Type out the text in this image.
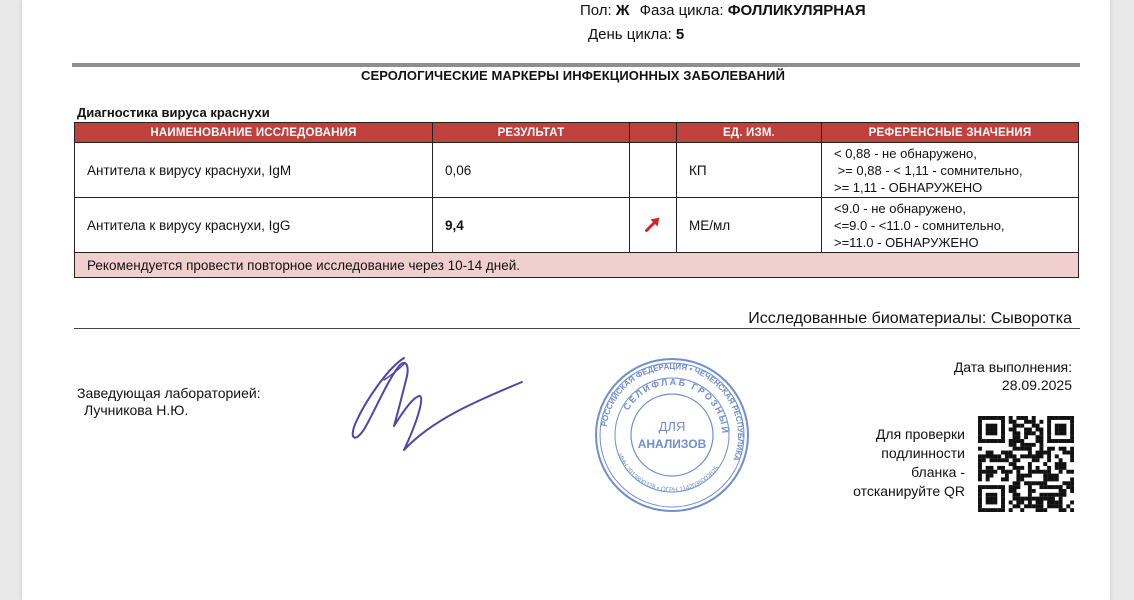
Пол: Ж Фаза цикла: ФОЛЛИКУЛЯРНАЯ
День цикла: 5
СЕРОЛОГИЧЕСКИЕ МАРКЕРЫ ИНФЕКЦИОННЫХ ЗАБОЛЕВАНИЙ
Диагностика вируса краснухи
НАИМЕНОВАНИЕ ИССЛЕДОВАНИЯ	РЕЗУЛЬТАТ		ЕД. ИЗМ.	РЕФЕРЕНСНЫЕ ЗНАЧЕНИЯ
Антитела к вирусу краснухи, IgM	0,06		КП	< 0,88 - не обнаружено,
>= 0,88 - < 1,11 - сомнительно,
>= 1,11 - ОБНАРУЖЕНО

Антитела к вирусу краснухи, IgG	9,4		МЕ/мл	<9.0 - не обнаружено,
<=9.0 - <11.0 - сомнительно,
>=11.0 - ОБНАРУЖЕНО

Рекомендуется провести повторное исследование через 10-14 дней.				
Исследованные биоматериалы: Сыворотка
Заведующая лабораторией:
Лучникова Н.Ю.
РОССИЙСКАЯ ФЕДЕРАЦИЯ • ЧЕЧЕНСКАЯ РЕСПУБЛИКА
СЕЛИФЛАБ ГРОЗНЫЙ
ИНН 2013800328 • ОГРН 1142036002625
ДЛЯ
АНАЛИЗОВ
Дата выполнения:
28.09.2025
Для проверки
подлинности
бланка -
отсканируйте QR
